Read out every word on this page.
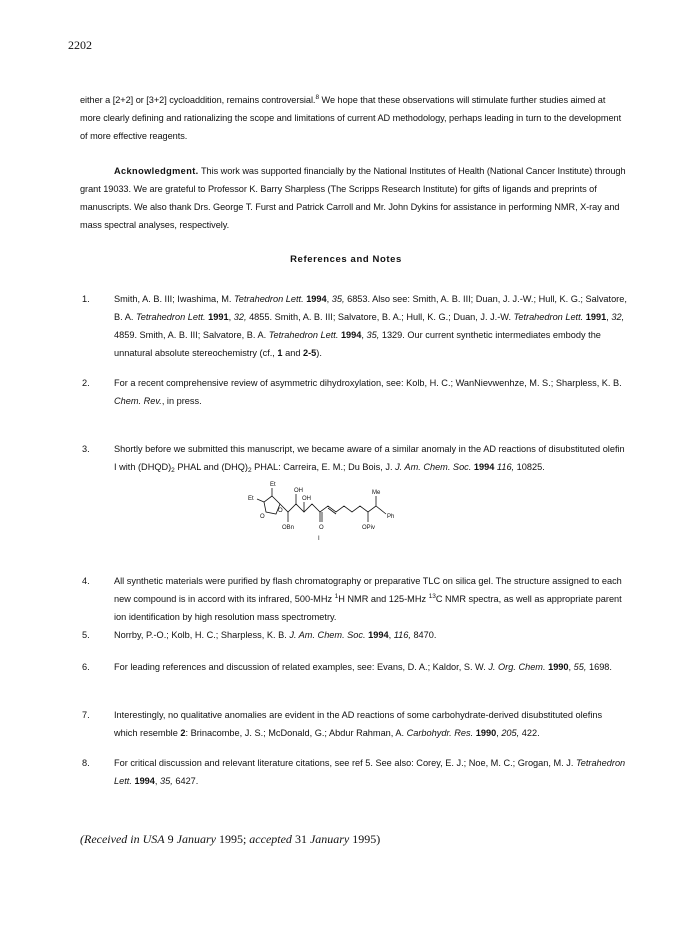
2202
either a [2+2] or [3+2] cycloaddition, remains controversial.$^8$ We hope that these observations will stimulate further studies aimed at more clearly defining and rationalizing the scope and limitations of current AD methodology, perhaps leading in turn to the development of more effective reagents.
Acknowledgment. This work was supported financially by the National Institutes of Health (National Cancer Institute) through grant 19033. We are grateful to Professor K. Barry Sharpless (The Scripps Research Institute) for gifts of ligands and preprints of manuscripts. We also thank Drs. George T. Furst and Patrick Carroll and Mr. John Dykins for assistance in performing NMR, X-ray and mass spectral analyses, respectively.
References and Notes
1.	Smith, A. B. III; Iwashima, M. Tetrahedron Lett. 1994, 35, 6853. Also see: Smith, A. B. III; Duan, J. J.-W.; Hull, K. G.; Salvatore, B. A. Tetrahedron Lett. 1991, 32, 4855. Smith, A. B. III; Salvatore, B. A.; Hull, K. G.; Duan, J. J.-W. Tetrahedron Lett. 1991, 32, 4859. Smith, A. B. III; Salvatore, B. A. Tetrahedron Lett. 1994, 35, 1329. Our current synthetic intermediates embody the unnatural absolute stereochemistry (cf., 1 and 2-5).
2.	For a recent comprehensive review of asymmetric dihydroxylation, see: Kolb, H. C.; WanNievwenhze, M. S.; Sharpless, K. B. Chem. Rev., in press.
3.	Shortly before we submitted this manuscript, we became aware of a similar anomaly in the AD reactions of disubstituted olefin I with $(DHQD)_2$ PHAL and $(DHQ)_2$ PHAL: Carreira, E. M.; Du Bois, J. J. Am. Chem. Soc. 1994 116, 10825.
Et
Et
O
O
OH
OH
Me
Ph
OBn	O	OPiv
I
4.	All synthetic materials were purified by flash chromatography or preparative TLC on silica gel. The structure assigned to each new compound is in accord with its infrared, 500-MHz $^1$H NMR and 125-MHz $^{13}$C NMR spectra, as well as appropriate parent ion identification by high resolution mass spectrometry.
5.	Norrby, P.-O.; Kolb, H. C.; Sharpless, K. B. J. Am. Chem. Soc. 1994, 116, 8470.
6.	For leading references and discussion of related examples, see: Evans, D. A.; Kaldor, S. W. J. Org. Chem. 1990, 55, 1698.
7.	Interestingly, no qualitative anomalies are evident in the AD reactions of some carbohydrate-derived disubstituted olefins which resemble 2: Brinacombe, J. S.; McDonald, G.; Abdur Rahman, A. Carbohydr. Res. 1990, 205, 422.
8.	For critical discussion and relevant literature citations, see ref 5. See also: Corey, E. J.; Noe, M. C.; Grogan, M. J. Tetrahedron Lett. 1994, 35, 6427.
(Received in USA 9 January 1995; accepted 31 January 1995)
